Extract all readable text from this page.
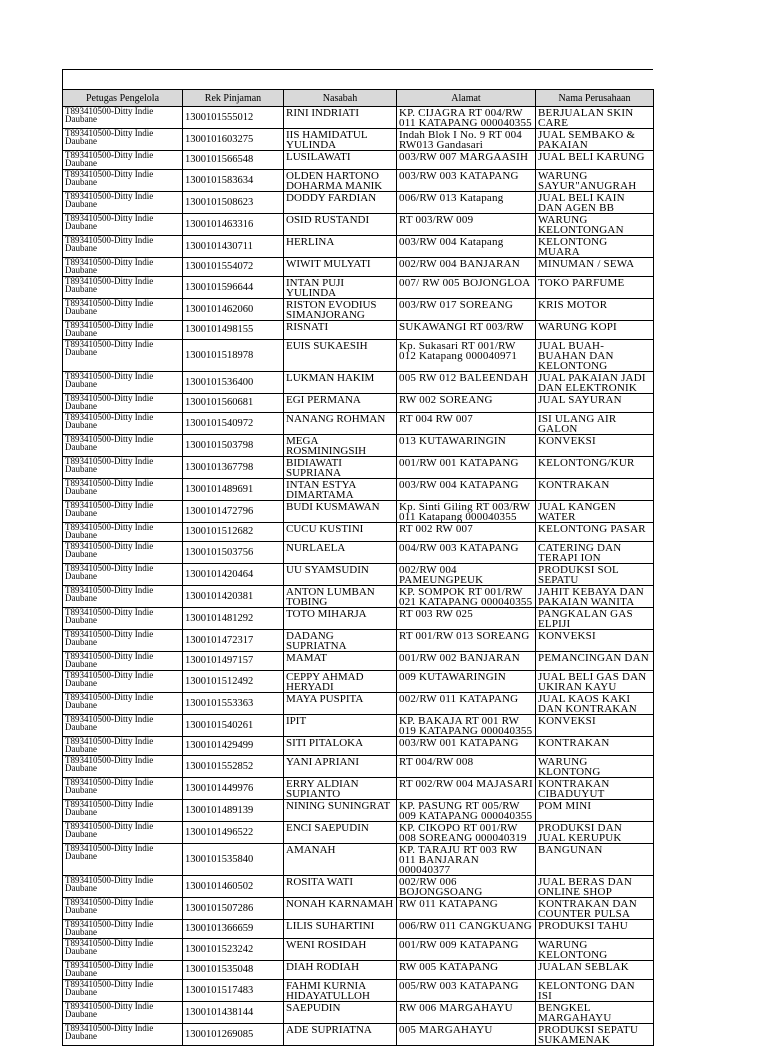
Petugas Pengelola	Rek Pinjaman	Nasabah	Alamat	Nama Perusahaan
T893410500-Ditty Indie Daubane	1300101555012	RINI INDRIATI	KP. CIJAGRA RT 004/RW 011 KATAPANG 000040355	BERJUALAN SKIN CARE
T893410500-Ditty Indie Daubane	1300101603275	IIS HAMIDATUL YULINDA	Indah Blok I No. 9 RT 004 RW013 Gandasari	JUAL SEMBAKO & PAKAIAN
T893410500-Ditty Indie Daubane	1300101566548	LUSILAWATI	003/RW 007 MARGAASIH	JUAL BELI KARUNG
T893410500-Ditty Indie Daubane	1300101583634	OLDEN HARTONO DOHARMA MANIK	003/RW 003 KATAPANG	WARUNG SAYUR"ANUGRAH
T893410500-Ditty Indie Daubane	1300101508623	DODDY FARDIAN	006/RW 013 Katapang	JUAL BELI KAIN DAN AGEN BB
T893410500-Ditty Indie Daubane	1300101463316	OSID RUSTANDI	RT 003/RW 009	WARUNG KELONTONGAN
T893410500-Ditty Indie Daubane	1300101430711	HERLINA	003/RW 004 Katapang	KELONTONG MUARA
T893410500-Ditty Indie Daubane	1300101554072	WIWIT MULYATI	002/RW 004 BANJARAN	MINUMAN / SEWA
T893410500-Ditty Indie Daubane	1300101596644	INTAN PUJI YULINDA	007/ RW 005 BOJONGLOA	TOKO PARFUME
T893410500-Ditty Indie Daubane	1300101462060	RISTON EVODIUS SIMANJORANG	003/RW 017 SOREANG	KRIS MOTOR
T893410500-Ditty Indie Daubane	1300101498155	RISNATI	SUKAWANGI RT 003/RW	WARUNG KOPI
T893410500-Ditty Indie Daubane	1300101518978	EUIS SUKAESIH	Kp. Sukasari RT 001/RW 012 Katapang 000040971	JUAL BUAH-BUAHAN DAN KELONTONG
T893410500-Ditty Indie Daubane	1300101536400	LUKMAN HAKIM	005 RW 012 BALEENDAH	JUAL PAKAIAN JADI DAN ELEKTRONIK
T893410500-Ditty Indie Daubane	1300101560681	EGI PERMANA	RW 002 SOREANG	JUAL SAYURAN
T893410500-Ditty Indie Daubane	1300101540972	NANANG ROHMAN	RT 004 RW 007	ISI ULANG AIR GALON
T893410500-Ditty Indie Daubane	1300101503798	MEGA ROSMININGSIH	013 KUTAWARINGIN	KONVEKSI
T893410500-Ditty Indie Daubane	1300101367798	BIDIAWATI SUPRIANA	001/RW 001 KATAPANG	KELONTONG/KUR
T893410500-Ditty Indie Daubane	1300101489691	INTAN ESTYA DIMARTAMA	003/RW 004 KATAPANG	KONTRAKAN
T893410500-Ditty Indie Daubane	1300101472796	BUDI KUSMAWAN	Kp. Sinti Giling RT 003/RW 011 Katapang 000040355	JUAL KANGEN WATER
T893410500-Ditty Indie Daubane	1300101512682	CUCU KUSTINI	RT 002 RW 007	KELONTONG PASAR
T893410500-Ditty Indie Daubane	1300101503756	NURLAELA	004/RW 003 KATAPANG	CATERING DAN TERAPI ION
T893410500-Ditty Indie Daubane	1300101420464	UU SYAMSUDIN	002/RW 004 PAMEUNGPEUK	PRODUKSI SOL SEPATU
T893410500-Ditty Indie Daubane	1300101420381	ANTON LUMBAN TOBING	KP. SOMPOK RT 001/RW 021 KATAPANG 000040355	JAHIT KEBAYA DAN PAKAIAN WANITA
T893410500-Ditty Indie Daubane	1300101481292	TOTO MIHARJA	RT 003 RW 025	PANGKALAN GAS ELPIJI
T893410500-Ditty Indie Daubane	1300101472317	DADANG SUPRIATNA	RT 001/RW 013 SOREANG	KONVEKSI
T893410500-Ditty Indie Daubane	1300101497157	MAMAT	001/RW 002 BANJARAN	PEMANCINGAN DAN
T893410500-Ditty Indie Daubane	1300101512492	CEPPY AHMAD HERYADI	009 KUTAWARINGIN	JUAL BELI GAS DAN UKIRAN KAYU
T893410500-Ditty Indie Daubane	1300101553363	MAYA PUSPITA	002/RW 011 KATAPANG	JUAL KAOS KAKI DAN KONTRAKAN
T893410500-Ditty Indie Daubane	1300101540261	IPIT	KP. BAKAJA RT 001 RW 019 KATAPANG 000040355	KONVEKSI
T893410500-Ditty Indie Daubane	1300101429499	SITI PITALOKA	003/RW 001 KATAPANG	KONTRAKAN
T893410500-Ditty Indie Daubane	1300101552852	YANI APRIANI	RT 004/RW 008	WARUNG KLONTONG
T893410500-Ditty Indie Daubane	1300101449976	ERRY ALDIAN SUPIANTO	RT 002/RW 004 MAJASARI	KONTRAKAN CIBADUYUT
T893410500-Ditty Indie Daubane	1300101489139	NINING SUNINGRAT	KP. PASUNG RT 005/RW 009 KATAPANG 000040355	POM MINI
T893410500-Ditty Indie Daubane	1300101496522	ENCI SAEPUDIN	KP. CIKOPO RT 001/RW 008 SOREANG 000040319	PRODUKSI DAN JUAL KERUPUK
T893410500-Ditty Indie Daubane	1300101535840	AMANAH	KP. TARAJU RT 003 RW 011 BANJARAN 000040377	BANGUNAN
T893410500-Ditty Indie Daubane	1300101460502	ROSITA WATI	002/RW 006 BOJONGSOANG	JUAL BERAS DAN ONLINE SHOP
T893410500-Ditty Indie Daubane	1300101507286	NONAH KARNAMAH	RW 011 KATAPANG	KONTRAKAN DAN COUNTER PULSA
T893410500-Ditty Indie Daubane	1300101366659	LILIS SUHARTINI	006/RW 011 CANGKUANG	PRODUKSI TAHU
T893410500-Ditty Indie Daubane	1300101523242	WENI ROSIDAH	001/RW 009 KATAPANG	WARUNG KELONTONG
T893410500-Ditty Indie Daubane	1300101535048	DIAH RODIAH	RW 005 KATAPANG	JUALAN SEBLAK
T893410500-Ditty Indie Daubane	1300101517483	FAHMI KURNIA HIDAYATULLOH	005/RW 003 KATAPANG	KELONTONG DAN ISI
T893410500-Ditty Indie Daubane	1300101438144	SAEPUDIN	RW 006 MARGAHAYU	BENGKEL MARGAHAYU
T893410500-Ditty Indie Daubane	1300101269085	ADE SUPRIATNA	005 MARGAHAYU	PRODUKSI SEPATU SUKAMENAK
